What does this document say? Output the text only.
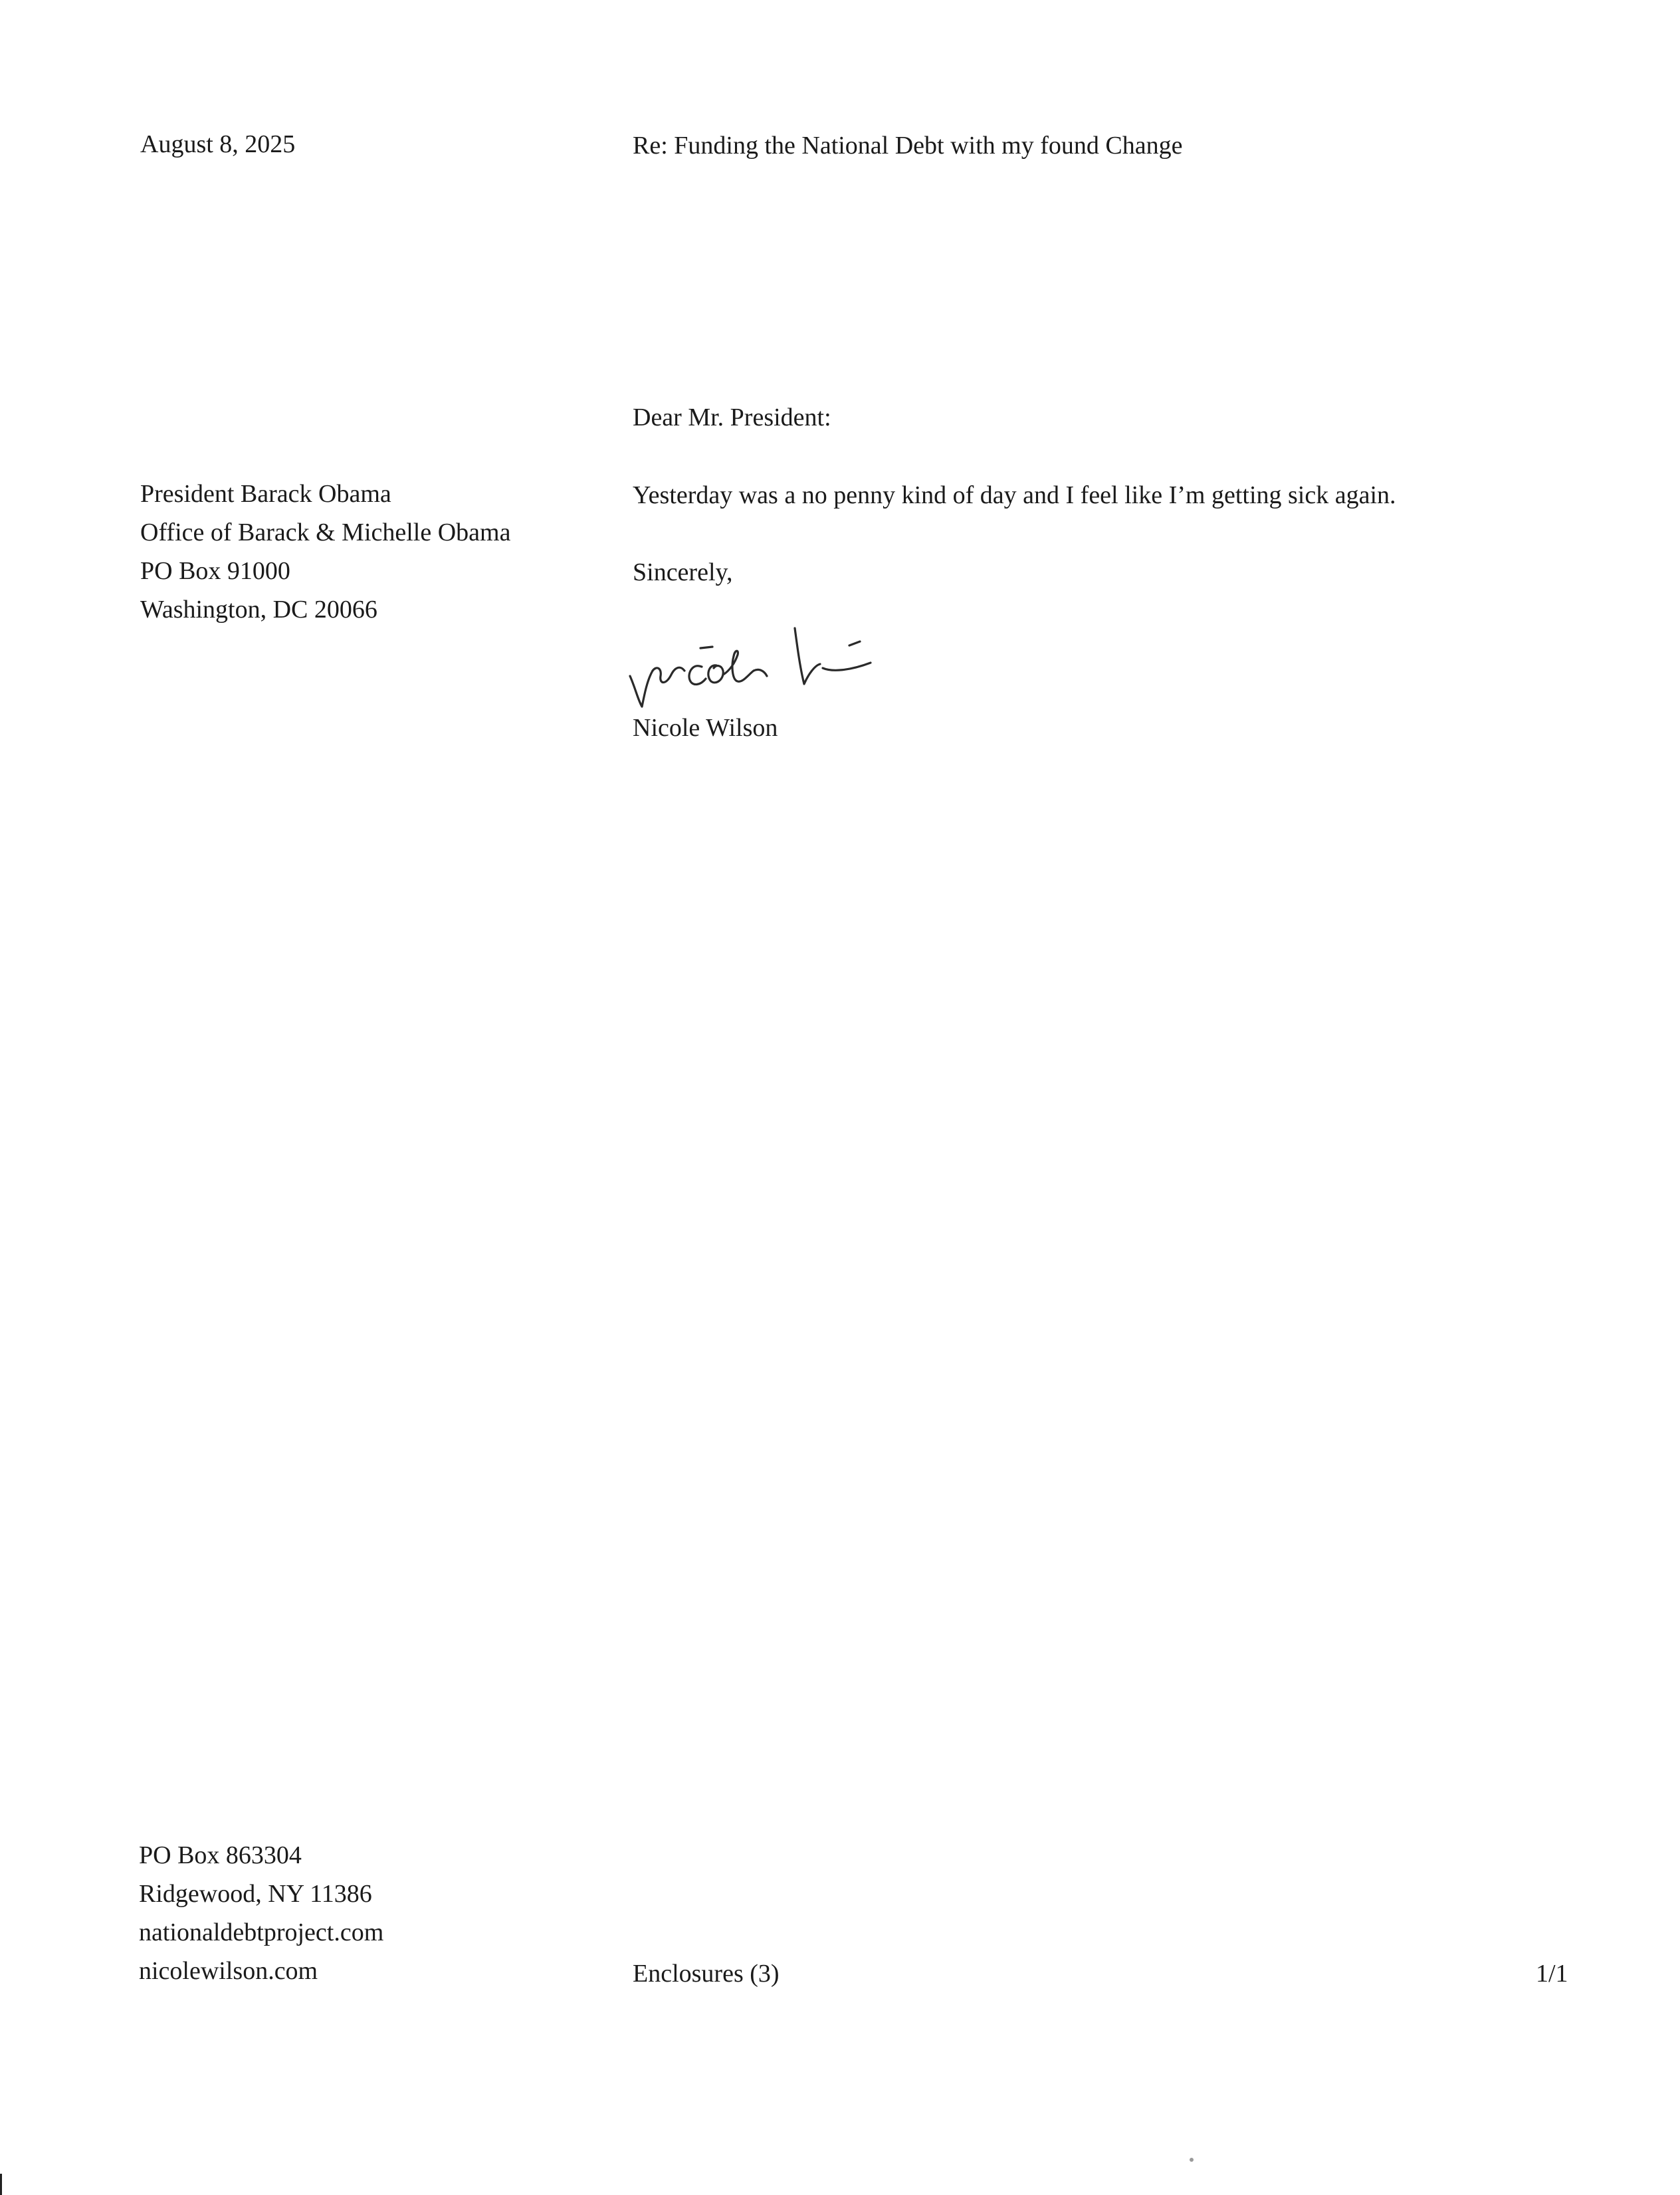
August 8, 2025	Re: Funding the National Debt with my found Change
Dear Mr. President:
President Barack Obama
Office of Barack & Michelle Obama
PO Box 91000
Washington, DC 20066
Yesterday was a no penny kind of day and I feel like I’m getting sick again.
Sincerely,
Nicole Wilson
PO Box 863304
Ridgewood, NY 11386
nationaldebtproject.com
nicolewilson.com	Enclosures (3)	1/1
